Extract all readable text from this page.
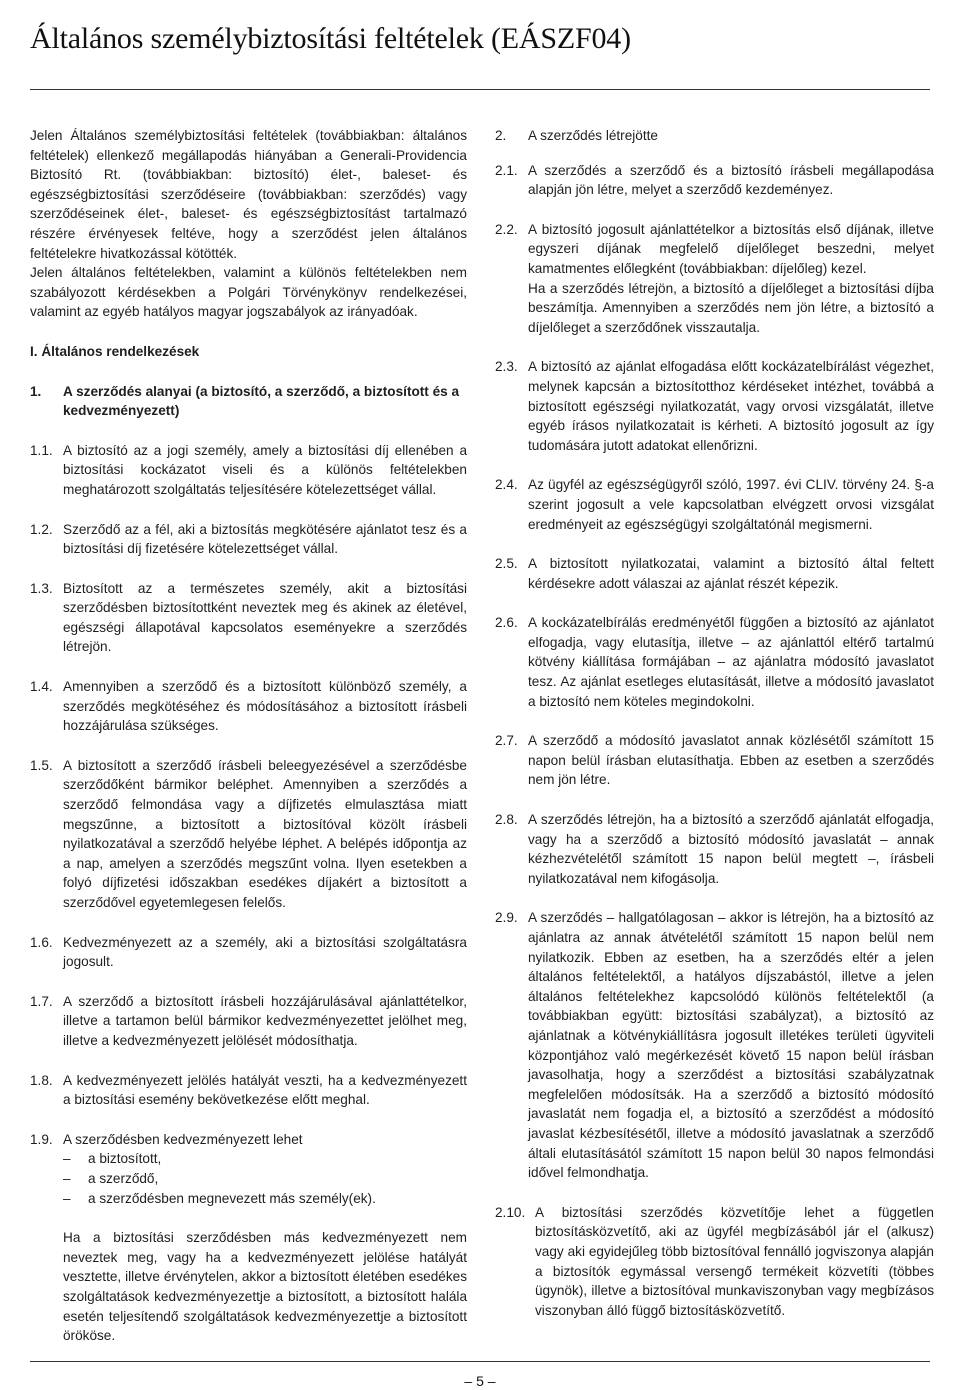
Általános személybiztosítási feltételek (EÁSZF04)

Jelen Általános személybiztosítási feltételek (továbbiakban: általános feltételek) ellenkező megállapodás hiányában a Generali-Providencia Biztosító Rt. (továbbiakban: biztosító) élet-, baleset- és egészségbiztosítási szerződéseire (továbbiakban: szerződés) vagy szerződéseinek élet-, baleset- és egészségbiztosítást tartalmazó részére érvényesek feltéve, hogy a szerződést jelen általános feltételekre hivatkozással kötötték.

Jelen általános feltételekben, valamint a különös feltételekben nem szabályozott kérdésekben a Polgári Törvénykönyv rendelkezései, valamint az egyéb hatályos magyar jogszabályok az irányadóak.

I. Általános rendelkezések
1. A szerződés alanyai (a biztosító, a szerződő, a biztosított és a kedvezményezett)
1.1. A biztosító az a jogi személy, amely a biztosítási díj ellenében a biztosítási kockázatot viseli és a különös feltételekben meghatározott szolgáltatás teljesítésére kötelezettséget vállal.
1.2. Szerződő az a fél, aki a biztosítás megkötésére ajánlatot tesz és a biztosítási díj fizetésére kötelezettséget vállal.
1.3. Biztosított az a természetes személy, akit a biztosítási szerződésben biztosítottként neveztek meg és akinek az életével, egészségi állapotával kapcsolatos eseményekre a szerződés létrejön.
1.4. Amennyiben a szerződő és a biztosított különböző személy, a szerződés megkötéséhez és módosításához a biztosított írásbeli hozzájárulása szükséges.
1.5. A biztosított a szerződő írásbeli beleegyezésével a szerződésbe szerződőként bármikor beléphet. Amennyiben a szerződés a szerződő felmondása vagy a díjfizetés elmulasztása miatt megszűnne, a biztosított a biztosítóval közölt írásbeli nyilatkozatával a szerződő helyébe léphet. A belépés időpontja az a nap, amelyen a szerződés megszűnt volna. Ilyen esetekben a folyó díjfizetési időszakban esedékes díjakért a biztosított a szerződővel egyetemlegesen felelős.
1.6. Kedvezményezett az a személy, aki a biztosítási szolgáltatásra jogosult.
1.7. A szerződő a biztosított írásbeli hozzájárulásával ajánlattételkor, illetve a tartamon belül bármikor kedvezményezettet jelölhet meg, illetve a kedvezményezett jelölését módosíthatja.
1.8. A kedvezményezett jelölés hatályát veszti, ha a kedvezményezett a biztosítási esemény bekövetkezése előtt meghal.
1.9. A szerződésben kedvezményezett lehet
– a biztosított,
– a szerződő,
– a szerződésben megnevezett más személy(ek).

Ha a biztosítási szerződésben más kedvezményezett nem neveztek meg, vagy ha a kedvezményezett jelölése hatályát vesztette, illetve érvénytelen, akkor a biztosított életében esedékes szolgáltatások kedvezményezettje a biztosított, a biztosított halála esetén teljesítendő szolgáltatások kedvezményezettje a biztosított örököse.

2. A szerződés létrejötte
2.1. A szerződés a szerződő és a biztosító írásbeli megállapodása alapján jön létre, melyet a szerződő kezdeményez.
2.2. A biztosító jogosult ajánlattételkor a biztosítás első díjának, illetve egyszeri díjának megfelelő díjelőleget beszedni, melyet kamatmentes előlegként (továbbiakban: díjelőleg) kezel.

Ha a szerződés létrejön, a biztosító a díjelőleget a biztosítási díjba beszámítja. Amennyiben a szerződés nem jön létre, a biztosító a díjelőleget a szerződőnek visszautalja.

2.3. A biztosító az ajánlat elfogadása előtt kockázatelbírálást végezhet, melynek kapcsán a biztosítotthoz kérdéseket intézhet, továbbá a biztosított egészségi nyilatkozatát, vagy orvosi vizsgálatát, illetve egyéb írásos nyilatkozatait is kérheti. A biztosító jogosult az így tudomására jutott adatokat ellenőrizni.
2.4. Az ügyfél az egészségügyről szóló, 1997. évi CLIV. törvény 24. §-a szerint jogosult a vele kapcsolatban elvégzett orvosi vizsgálat eredményeit az egészségügyi szolgáltatónál megismerni.
2.5. A biztosított nyilatkozatai, valamint a biztosító által feltett kérdésekre adott válaszai az ajánlat részét képezik.
2.6. A kockázatelbírálás eredményétől függően a biztosító az ajánlatot elfogadja, vagy elutasítja, illetve – az ajánlattól eltérő tartalmú kötvény kiállítása formájában – az ajánlatra módosító javaslatot tesz. Az ajánlat esetleges elutasítását, illetve a módosító javaslatot a biztosító nem köteles megindokolni.
2.7. A szerződő a módosító javaslatot annak közlésétől számított 15 napon belül írásban elutasíthatja. Ebben az esetben a szerződés nem jön létre.
2.8. A szerződés létrejön, ha a biztosító a szerződő ajánlatát elfogadja, vagy ha a szerződő a biztosító módosító javaslatát – annak kézhezvételétől számított 15 napon belül megtett –, írásbeli nyilatkozatával nem kifogásolja.
2.9. A szerződés – hallgatólagosan – akkor is létrejön, ha a biztosító az ajánlatra az annak átvételétől számított 15 napon belül nem nyilatkozik. Ebben az esetben, ha a szerződés eltér a jelen általános feltételektől, a hatályos díjszabástól, illetve a jelen általános feltételekhez kapcsolódó különös feltételektől (a továbbiakban együtt: biztosítási szabályzat), a biztosító az ajánlatnak a kötvénykiállításra jogosult illetékes területi ügyviteli központjához való megérkezését követő 15 napon belül írásban javasolhatja, hogy a szerződést a biztosítási szabályzatnak megfelelően módosítsák. Ha a szerződő a biztosító módosító javaslatát nem fogadja el, a biztosító a szerződést a módosító javaslat kézbesítésétől, illetve a módosító javaslatnak a szerződő általi elutasításától számított 15 napon belül 30 napos felmondási idővel felmondhatja.
2.10. A biztosítási szerződés közvetítője lehet a független biztosításközvetítő, aki az ügyfél megbízásából jár el (alkusz) vagy aki egyidejűleg több biztosítóval fennálló jogviszonya alapján a biztosítók egymással versengő termékeit közvetíti (többes ügynök), illetve a biztosítóval munkaviszonyban vagy megbízásos viszonyban álló függő biztosításközvetítő.
– 5 –
